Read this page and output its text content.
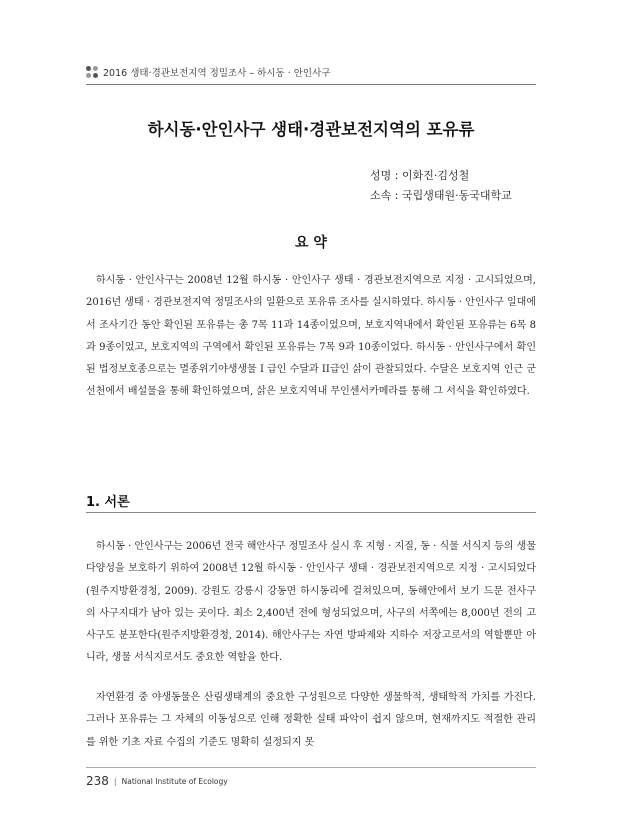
2016 생태·경관보전지역 정밀조사 – 하시동 · 안인사구
하시동·안인사구 생태·경관보전지역의 포유류
성명 : 이화진·김성철
소속 : 국립생태원·동국대학교
요 약

하시동 · 안인사구는 2008년 12월 하시동 · 안인사구 생태 · 경관보전지역으로 지정 · 고시되었으며, 2016년 생태 · 경관보전지역 정밀조사의 일환으로 포유류 조사를 실시하였다. 하시동 · 안인사구 일대에서 조사기간 동안 확인된 포유류는 총 7목 11과 14종이었으며, 보호지역내에서 확인된 포유류는 6목 8과 9종이었고, 보호지역의 구역에서 확인된 포유류는 7목 9과 10종이었다. 하시동 · 안인사구에서 확인된 법정보호종으로는 멸종위기야생생물 I 급인 수달과 II급인 삵이 관찰되었다. 수달은 보호지역 인근 군선천에서 배설물을 통해 확인하였으며, 삵은 보호지역내 무인센서카메라를 통해 그 서식을 확인하였다.

1. 서론

하시동 · 안인사구는 2006년 전국 해안사구 정밀조사 실시 후 지형 · 지질, 동 · 식물 서식지 등의 생물다양성을 보호하기 위하여 2008년 12월 하시동 · 안인사구 생태 · 경관보전지역으로 지정 · 고시되었다(원주지방환경청, 2009). 강원도 강릉시 강동면 하시동리에 걸쳐있으며, 동해안에서 보기 드문 전사구의 사구지대가 남아 있는 곳이다. 최소 2,400년 전에 형성되었으며, 사구의 서쪽에는 8,000년 전의 고사구도 분포한다(원주지방환경청, 2014). 해안사구는 자연 방파제와 지하수 저장고로서의 역할뿐만 아니라, 생물 서식지로서도 중요한 역할을 한다.

자연환경 중 야생동물은 산림생태계의 중요한 구성원으로 다양한 생물학적, 생태학적 가치를 가진다. 그러나 포유류는 그 자체의 이동성으로 인해 정확한 실태 파악이 쉽지 않으며, 현재까지도 적절한 관리를 위한 기초 자료 수집의 기준도 명확히 설정되지 못

238 | National Institute of Ecology
